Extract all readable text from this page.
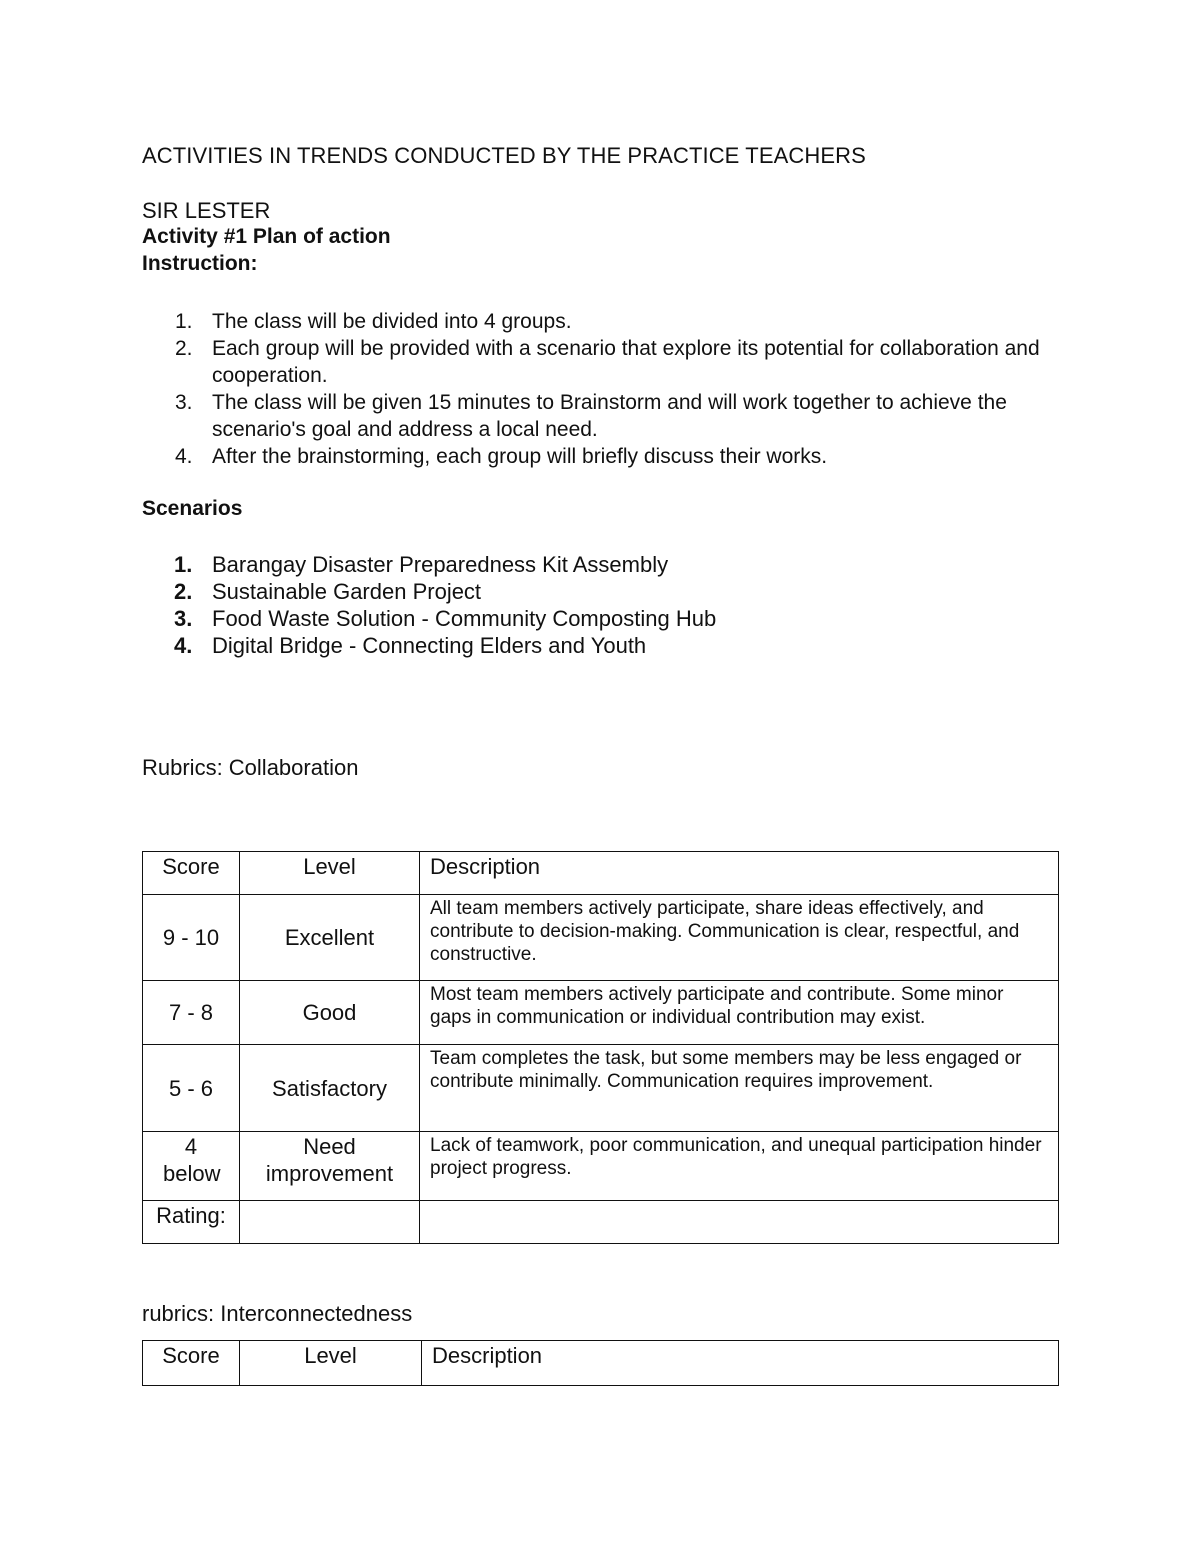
ACTIVITIES IN TRENDS CONDUCTED BY THE PRACTICE TEACHERS
SIR LESTER
Activity #1 Plan of action
Instruction:
1. The class will be divided into 4 groups.
2. Each group will be provided with a scenario that explore its potential for collaboration and cooperation.
3. The class will be given 15 minutes to Brainstorm and will work together to achieve the scenario's goal and address a local need.
4. After the brainstorming, each group will briefly discuss their works.
Scenarios
1. Barangay Disaster Preparedness Kit Assembly
2. Sustainable Garden Project
3. Food Waste Solution - Community Composting Hub
4. Digital Bridge - Connecting Elders and Youth
Rubrics: Collaboration
Score	Level	Description
9 - 10	Excellent	All team members actively participate, share ideas effectively, and contribute to decision-making. Communication is clear, respectful, and constructive.
7 - 8	Good	Most team members actively participate and contribute. Some minor gaps in communication or individual contribution may exist.
5 - 6	Satisfactory	Team completes the task, but some members may be less engaged or contribute minimally. Communication requires improvement.

4 below	Need improvement	Lack of teamwork, poor communication, and unequal participation hinder project progress.
Rating:		
rubrics: Interconnectedness
Score	Level	Description
